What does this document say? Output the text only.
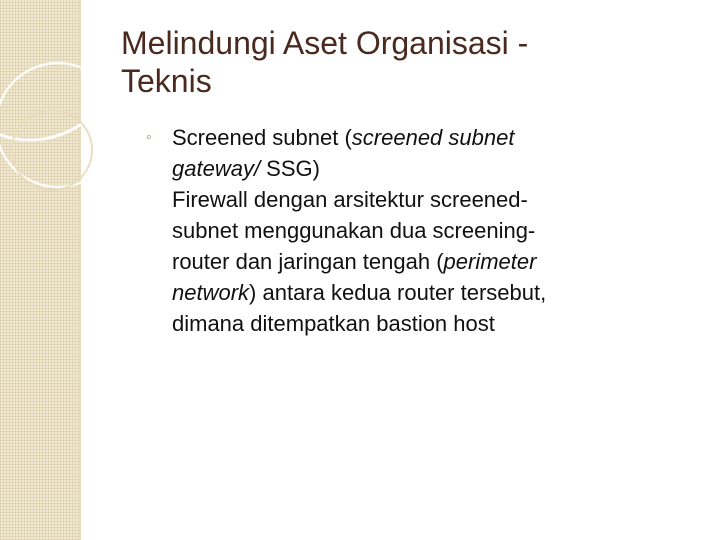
Melindungi Aset Organisasi -
Teknis
◦ Screened subnet (screened subnet
gateway/ SSG)
Firewall dengan arsitektur screened-
subnet menggunakan dua screening-
router dan jaringan tengah (perimeter
network) antara kedua router tersebut,
dimana ditempatkan bastion host
